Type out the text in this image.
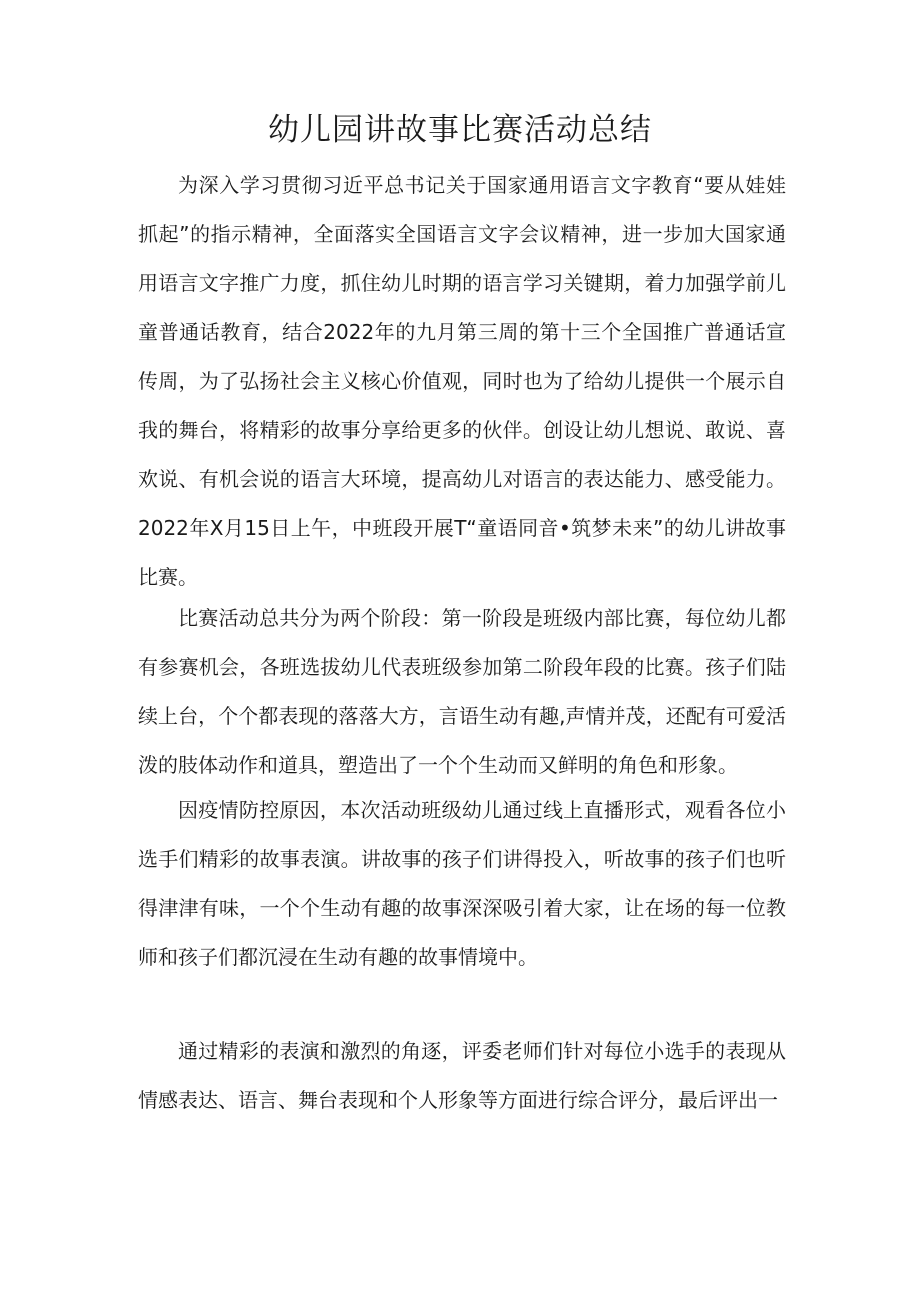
幼儿园讲故事比赛活动总结

为深入学习贯彻习近平总书记关于国家通用语言文字教育“要从娃娃抓起”的指示精神，全面落实全国语言文字会议精神，进一步加大国家通用语言文字推广力度，抓住幼儿时期的语言学习关键期，着力加强学前儿童普通话教育，结合2022年的九月第三周的第十三个全国推广普通话宣传周，为了弘扬社会主义核心价值观，同时也为了给幼儿提供一个展示自我的舞台，将精彩的故事分享给更多的伙伴。创设让幼儿想说、敢说、喜欢说、有机会说的语言大环境，提高幼儿对语言的表达能力、感受能力。2022年X月15日上午，中班段开展T“童语同音•筑梦未来”的幼儿讲故事比赛。

比赛活动总共分为两个阶段：第一阶段是班级内部比赛，每位幼儿都有参赛机会，各班选拔幼儿代表班级参加第二阶段年段的比赛。孩子们陆续上台，个个都表现的落落大方，言语生动有趣,声情并茂，还配有可爱活泼的肢体动作和道具，塑造出了一个个生动而又鲜明的角色和形象。

因疫情防控原因，本次活动班级幼儿通过线上直播形式，观看各位小选手们精彩的故事表演。讲故事的孩子们讲得投入，听故事的孩子们也听得津津有味，一个个生动有趣的故事深深吸引着大家，让在场的每一位教师和孩子们都沉浸在生动有趣的故事情境中。

通过精彩的表演和激烈的角逐，评委老师们针对每位小选手的表现从情感表达、语言、舞台表现和个人形象等方面进行综合评分，最后评出一
